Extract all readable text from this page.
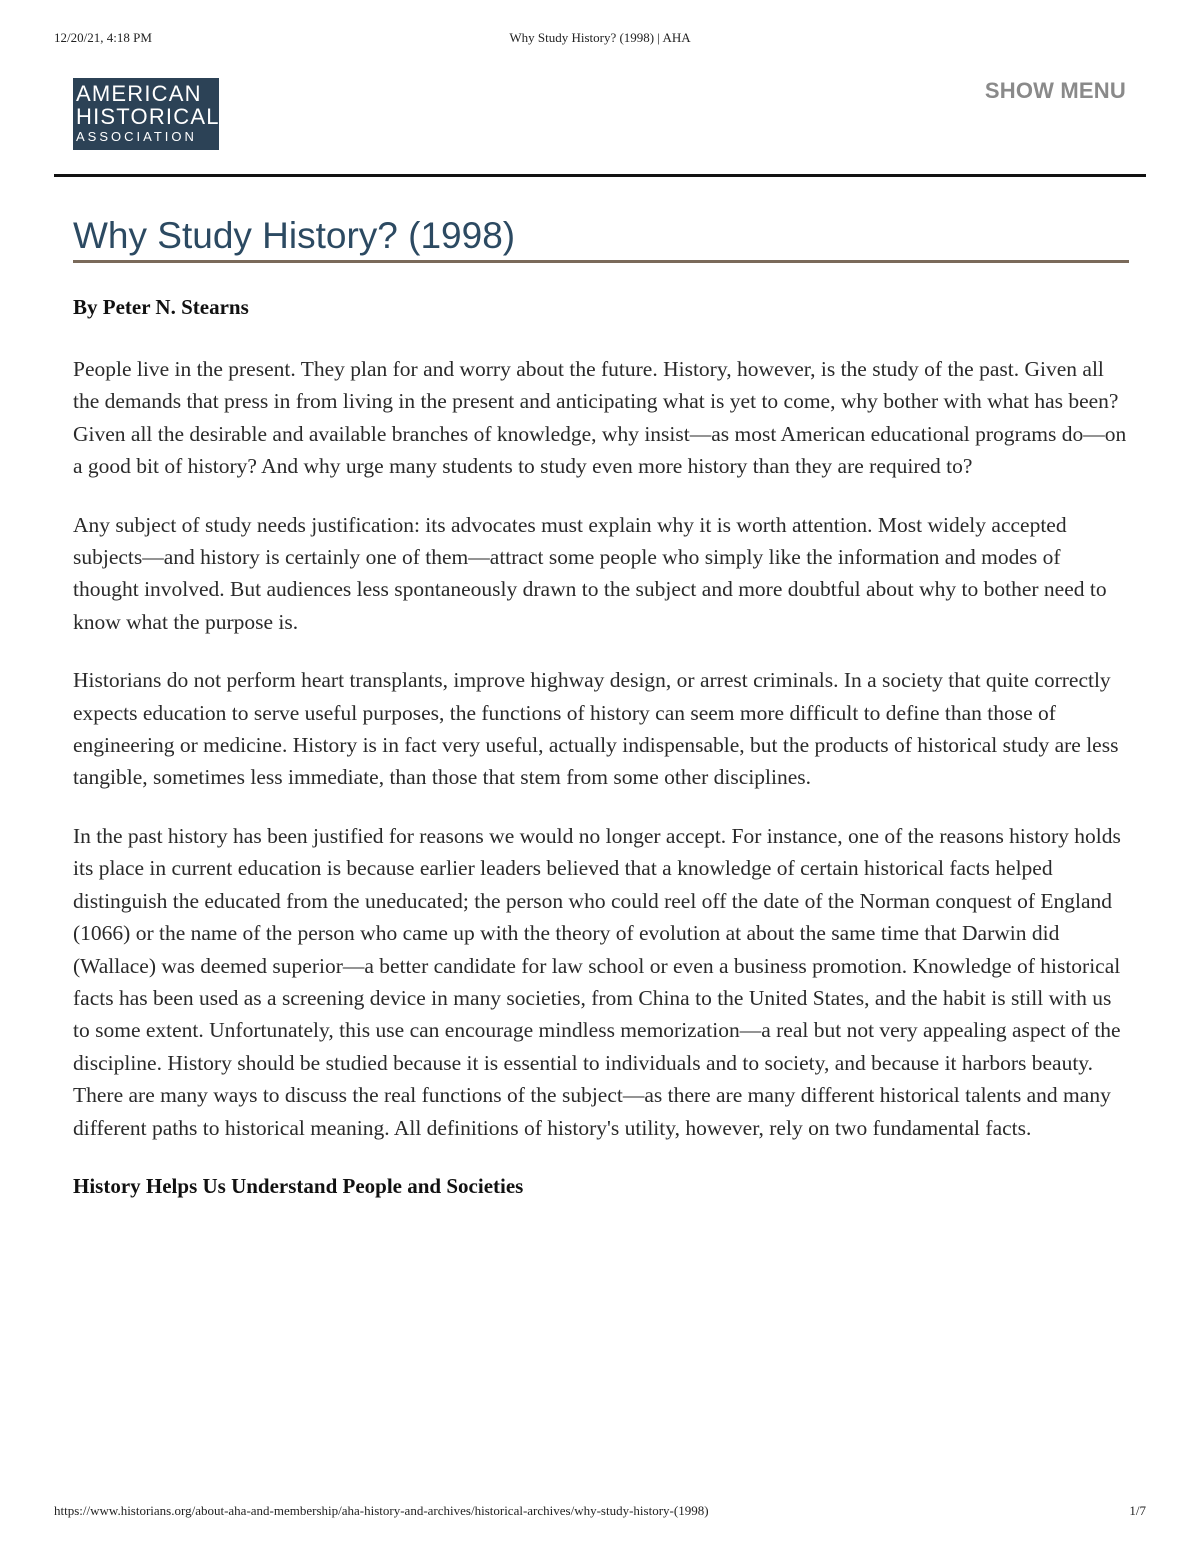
12/20/21, 4:18 PM	Why Study History? (1998) | AHA
AMERICAN
HISTORICAL
ASSOCIATION
SHOW MENU
Why Study History? (1998)

By Peter N. Stearns

People live in the present. They plan for and worry about the future. History, however, is the study of the past. Given all the demands that press in from living in the present and anticipating what is yet to come, why bother with what has been? Given all the desirable and available branches of knowledge, why insist—as most American educational programs do—on a good bit of history? And why urge many students to study even more history than they are required to?

Any subject of study needs justification: its advocates must explain why it is worth attention. Most widely accepted subjects—and history is certainly one of them—attract some people who simply like the information and modes of thought involved. But audiences less spontaneously drawn to the subject and more doubtful about why to bother need to know what the purpose is.

Historians do not perform heart transplants, improve highway design, or arrest criminals. In a society that quite correctly expects education to serve useful purposes, the functions of history can seem more difficult to define than those of engineering or medicine. History is in fact very useful, actually indispensable, but the products of historical study are less tangible, sometimes less immediate, than those that stem from some other disciplines.

In the past history has been justified for reasons we would no longer accept. For instance, one of the reasons history holds its place in current education is because earlier leaders believed that a knowledge of certain historical facts helped distinguish the educated from the uneducated; the person who could reel off the date of the Norman conquest of England (1066) or the name of the person who came up with the theory of evolution at about the same time that Darwin did (Wallace) was deemed superior—a better candidate for law school or even a business promotion. Knowledge of historical facts has been used as a screening device in many societies, from China to the United States, and the habit is still with us to some extent. Unfortunately, this use can encourage mindless memorization—a real but not very appealing aspect of the discipline. History should be studied because it is essential to individuals and to society, and because it harbors beauty. There are many ways to discuss the real functions of the subject—as there are many different historical talents and many different paths to historical meaning. All definitions of history's utility, however, rely on two fundamental facts.

History Helps Us Understand People and Societies
https://www.historians.org/about-aha-and-membership/aha-history-and-archives/historical-archives/why-study-history-(1998)	1/7
